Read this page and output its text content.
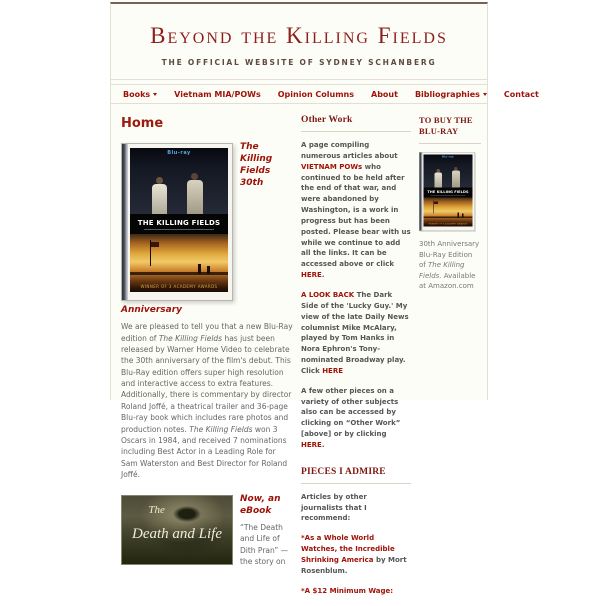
Beyond the Killing Fields
THE OFFICIAL WEBSITE OF SYDNEY SCHANBERG
Books	Vietnam MIA/POWs Opinion Columns About Bibliographies	Contact
Home
Blu-ray
THE KILLING FIELDS
WINNER OF 3 ACADEMY AWARDS
The Killing Fields 30th Anniversary
We are pleased to tell you that a new Blu-Ray edition of The Killing Fields has just been released by Warner Home Video to celebrate the 30th anniversary of the film's debut. This Blu-Ray edition offers super high resolution and interactive access to extra features. Additionally, there is commentary by director Roland Joffé, a theatrical trailer and 36-page Blu-ray book which includes rare photos and production notes. The Killing Fields won 3 Oscars in 1984, and received 7 nominations including Best Actor in a Leading Role for Sam Waterston and Best Director for Roland Joffé.
The
Death and Life
Now, an eBook
“The Death and Life of Dith Pran” — the story on
Other Work
A page compiling numerous articles about VIETNAM POWs who continued to be held after the end of that war, and were abandoned by Washington, is a work in progress but has been posted. Please bear with us while we continue to add all the links. It can be accessed above or click HERE.
A LOOK BACK The Dark Side of the 'Lucky Guy.' My view of the late Daily News columnist Mike McAlary, played by Tom Hanks in Nora Ephron's Tony-nominated Broadway play. Click HERE
A few other pieces on a variety of other subjects also can be accessed by clicking on “Other Work” [above] or by clicking HERE.
PIECES I ADMIRE
Articles by other journalists that I recommend:
*As a Whole World Watches, the Incredible Shrinking America by Mort Rosenblum.
*A $12 Minimum Wage:
TO BUY THE BLU-RAY
Blu-ray
THE KILLING FIELDS
WINNER OF 3 ACADEMY AWARDS
30th Anniversary Blu-Ray Edition of The Killing Fields. Available at Amazon.com
